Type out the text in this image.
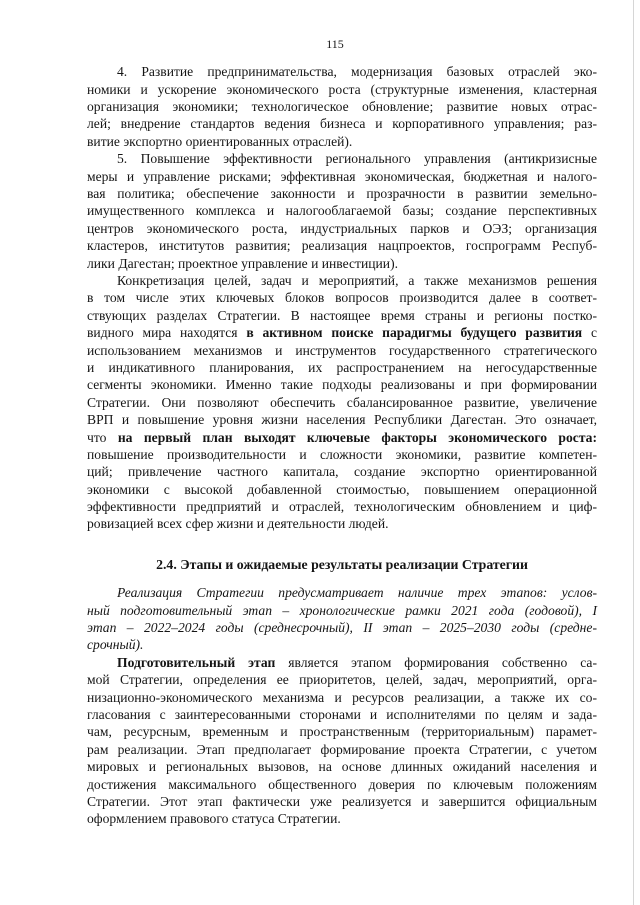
115
4. Развитие предпринимательства, модернизация базовых отраслей эко-
номики и ускорение экономического роста (структурные изменения, кластерная
организация экономики; технологическое обновление; развитие новых отрас-
лей; внедрение стандартов ведения бизнеса и корпоративного управления; раз-
витие экспортно ориентированных отраслей).
5. Повышение эффективности регионального управления (антикризисные
меры и управление рисками; эффективная экономическая, бюджетная и налого-
вая политика; обеспечение законности и прозрачности в развитии земельно-
имущественного комплекса и налогооблагаемой базы; создание перспективных
центров экономического роста, индустриальных парков и ОЭЗ; организация
кластеров, институтов развития; реализация нацпроектов, госпрограмм Респуб-
лики Дагестан; проектное управление и инвестиции).
Конкретизация целей, задач и мероприятий, а также механизмов решения
в том числе этих ключевых блоков вопросов производится далее в соответ-
ствующих разделах Стратегии. В настоящее время страны и регионы постко-
видного мира находятся в активном поиске парадигмы будущего развития с
использованием механизмов и инструментов государственного стратегического
и индикативного планирования, их распространением на негосударственные
сегменты экономики. Именно такие подходы реализованы и при формировании
Стратегии. Они позволяют обеспечить сбалансированное развитие, увеличение
ВРП и повышение уровня жизни населения Республики Дагестан. Это означает,
что на первый план выходят ключевые факторы экономического роста:
повышение производительности и сложности экономики, развитие компетен-
ций; привлечение частного капитала, создание экспортно ориентированной
экономики с высокой добавленной стоимостью, повышением операционной
эффективности предприятий и отраслей, технологическим обновлением и циф-
ровизацией всех сфер жизни и деятельности людей.
2.4. Этапы и ожидаемые результаты реализации Стратегии
Реализация Стратегии предусматривает наличие трех этапов: услов-
ный подготовительный этап – хронологические рамки 2021 года (годовой), I
этап – 2022–2024 годы (среднесрочный), II этап – 2025–2030 годы (средне-
срочный).
Подготовительный этап является этапом формирования собственно са-
мой Стратегии, определения ее приоритетов, целей, задач, мероприятий, орга-
низационно-экономического механизма и ресурсов реализации, а также их со-
гласования с заинтересованными сторонами и исполнителями по целям и зада-
чам, ресурсным, временным и пространственным (территориальным) парамет-
рам реализации. Этап предполагает формирование проекта Стратегии, с учетом
мировых и региональных вызовов, на основе длинных ожиданий населения и
достижения максимального общественного доверия по ключевым положениям
Стратегии. Этот этап фактически уже реализуется и завершится официальным
оформлением правового статуса Стратегии.
